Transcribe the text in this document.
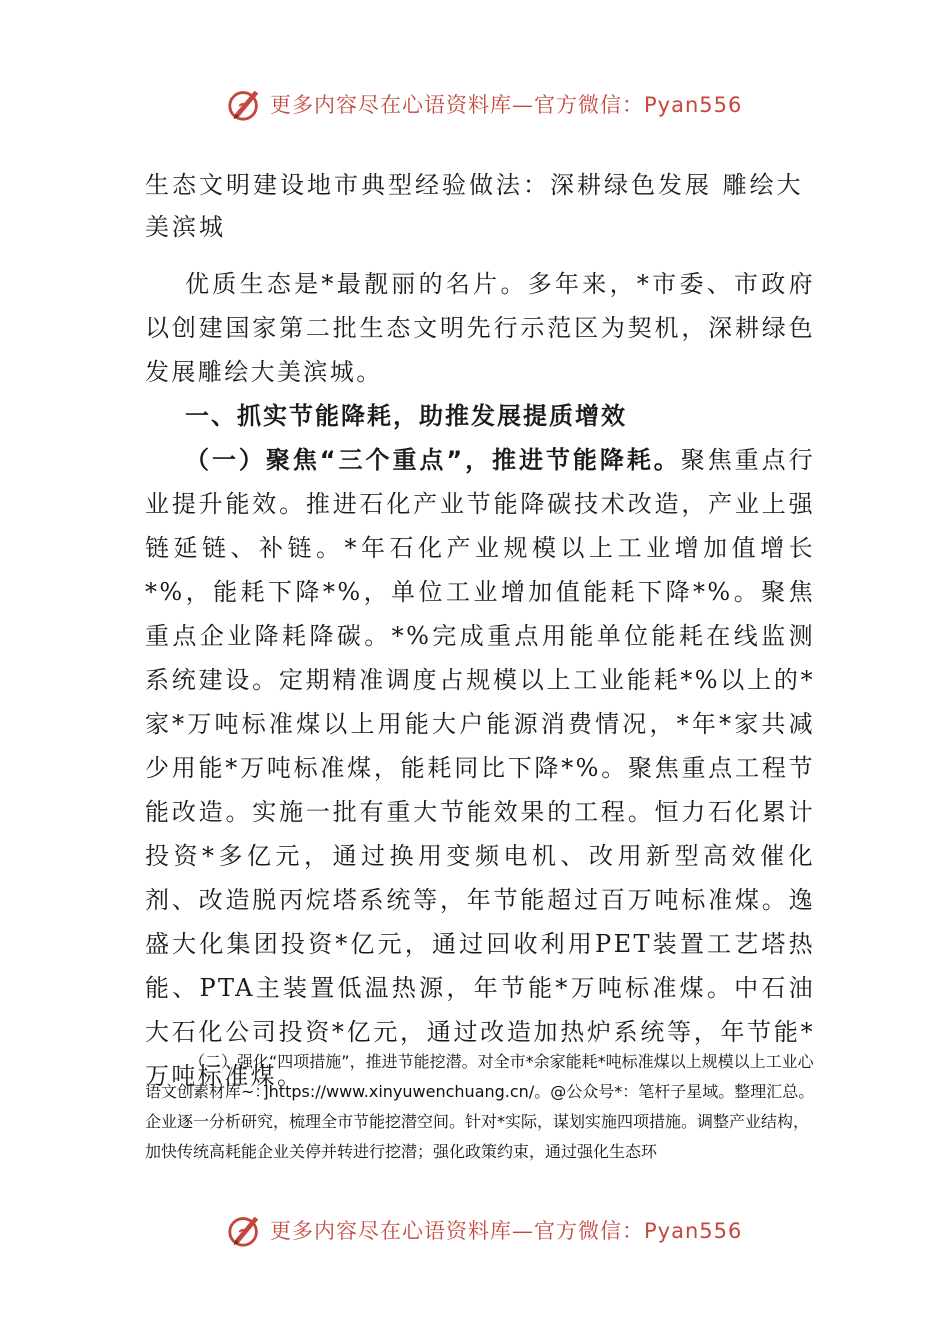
更多内容尽在心语资料库—官方微信：Pyan556
生态文明建设地市典型经验做法：深耕绿色发展 雕绘大美滨城
优质生态是*最靓丽的名片。多年来，*市委、市政府以创建国家第二批生态文明先行示范区为契机，深耕绿色发展雕绘大美滨城。
一、抓实节能降耗，助推发展提质增效
（一）聚焦“三个重点”，推进节能降耗。聚焦重点行业提升能效。推进石化产业节能降碳技术改造，产业上强链延链、补链。*年石化产业规模以上工业增加值增长*%，能耗下降*%，单位工业增加值能耗下降*%。聚焦重点企业降耗降碳。*%完成重点用能单位能耗在线监测系统建设。定期精准调度占规模以上工业能耗*%以上的*家*万吨标准煤以上用能大户能源消费情况，*年*家共减少用能*万吨标准煤，能耗同比下降*%。聚焦重点工程节能改造。实施一批有重大节能效果的工程。恒力石化累计投资*多亿元，通过换用变频电机、改用新型高效催化剂、改造脱丙烷塔系统等，年节能超过百万吨标准煤。逸盛大化集团投资*亿元，通过回收利用PET装置工艺塔热能、PTA主装置低温热源，年节能*万吨标准煤。中石油大石化公司投资*亿元，通过改造加热炉系统等，年节能*万吨标准煤。
（二）强化“四项措施”，推进节能挖潜。对全市*余家能耗*吨标准煤以上规模以上工业心语文创素材库~：]https://www.xinyuwenchuang.cn/。@公众号*：笔杆子星域。整理汇总。企业逐一分析研究，梳理全市节能挖潜空间。针对*实际，谋划实施四项措施。调整产业结构，加快传统高耗能企业关停并转进行挖潜；强化政策约束，通过强化生态环
更多内容尽在心语资料库—官方微信：Pyan556
